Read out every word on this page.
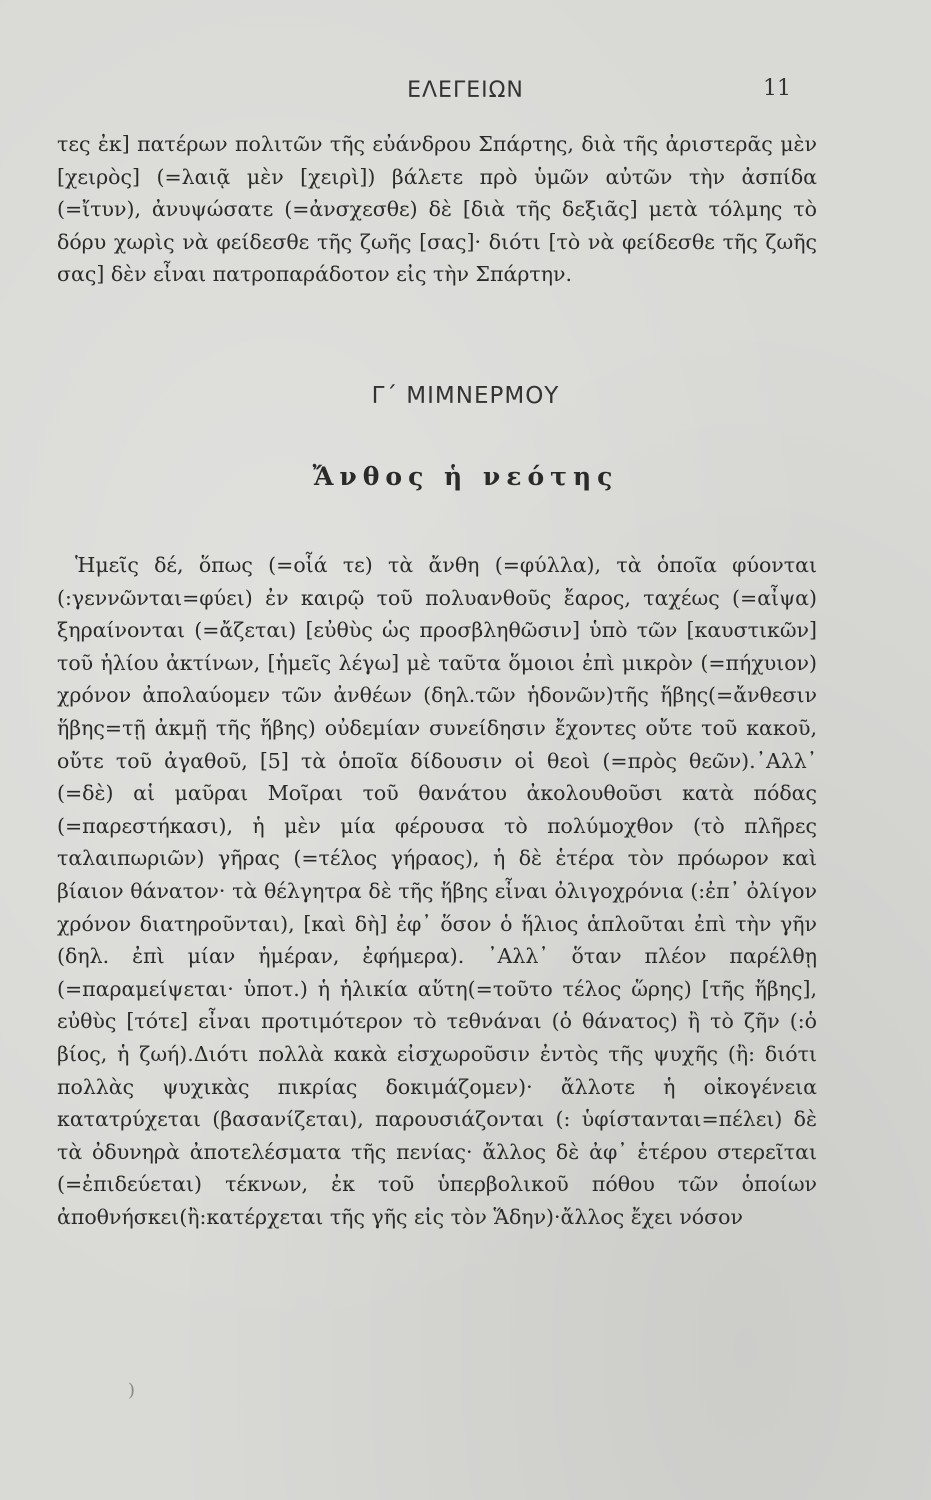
ΕΛΕΓΕΙΩΝ	11

τες ἐκ] πατέρων πολιτῶν τῆς εὐάνδρου Σπάρτης, διὰ τῆς ἀριστερᾶς μὲν [χειρὸς] (=λαιᾷ μὲν [χειρὶ]) βάλετε πρὸ ὑμῶν αὐτῶν τὴν ἀσπίδα (=ἴτυν), ἀνυψώσατε (=ἀνσχεσθε) δὲ [διὰ τῆς δεξιᾶς] μετὰ τόλμης τὸ δόρυ χωρὶς νὰ φείδεσθε τῆς ζωῆς [σας]· διότι [τὸ νὰ φείδεσθε τῆς ζωῆς σας] δὲν εἶναι πατροπαράδοτον εἰς τὴν Σπάρτην.

Γ΄ ΜΙΜΝΕΡΜΟΥ
Ἄνθος ἡ νεότης

Ἡμεῖς δέ, ὅπως (=οἷά τε) τὰ ἄνθη (=φύλλα), τὰ ὁποῖα φύονται (:γεννῶνται=φύει) ἐν καιρῷ τοῦ πολυανθοῦς ἔαρος, ταχέως (=αἶψα) ξηραίνονται (=ἄζεται) [εὐθὺς ὡς προσβληθῶσιν] ὑπὸ τῶν [καυστικῶν] τοῦ ἡλίου ἀκτίνων, [ἡμεῖς λέγω] μὲ ταῦτα ὅμοιοι ἐπὶ μικρὸν (=πήχυιον) χρόνον ἀπολαύομεν τῶν ἀνθέων (δηλ.τῶν ἡδονῶν)τῆς ἥβης(=ἄνθεσιν ἥβης=τῇ ἀκμῇ τῆς ἥβης) οὐδεμίαν συνείδησιν ἔχοντες οὔτε τοῦ κακοῦ, οὔτε τοῦ ἀγαθοῦ, [5] τὰ ὁποῖα δίδουσιν οἱ θεοὶ (=πρὸς θεῶν).᾿Αλλ᾿ (=δὲ) αἱ μαῦραι Μοῖραι τοῦ θανάτου ἀκολουθοῦσι κατὰ πόδας (=παρεστήκασι), ἡ μὲν μία φέρουσα τὸ πολύμοχθον (τὸ πλῆρες ταλαιπωριῶν) γῆρας (=τέλος γήραος), ἡ δὲ ἑτέρα τὸν πρόωρον καὶ βίαιον θάνατον· τὰ θέλγητρα δὲ τῆς ἥβης εἶναι ὀλιγοχρόνια (:ἐπ᾿ ὀλίγον χρόνον διατηροῦνται), [καὶ δὴ] ἐφ᾿ ὅσον ὁ ἥλιος ἁπλοῦται ἐπὶ τὴν γῆν (δηλ. ἐπὶ μίαν ἡμέραν, ἐφήμερα). ᾿Αλλ᾿ ὅταν πλέον παρέλθῃ (=παραμείψεται· ὑποτ.) ἡ ἡλικία αὕτη(=τοῦτο τέλος ὥρης) [τῆς ἥβης], εὐθὺς [τότε] εἶναι προτιμότερον τὸ τεθνάναι (ὁ θάνατος) ἢ τὸ ζῆν (:ὁ βίος, ἡ ζωή).Διότι πολλὰ κακὰ εἰσχωροῦσιν ἐντὸς τῆς ψυχῆς (ἢ: διότι πολλὰς ψυχικὰς πικρίας δοκιμάζομεν)· ἄλλοτε ἡ οἰκογένεια κατατρύχεται (βασανίζεται), παρουσιάζονται (: ὑφίστανται=πέλει) δὲ τὰ ὀδυνηρὰ ἀποτελέσματα τῆς πενίας· ἄλλος δὲ ἀφ᾿ ἑτέρου στερεῖται (=ἐπιδεύεται) τέκνων, ἐκ τοῦ ὑπερβολικοῦ πόθου τῶν ὁποίων ἀποθνήσκει(ἢ:κατέρχεται τῆς γῆς εἰς τὸν Ἅδην)·ἄλλος ἔχει νόσον

)
